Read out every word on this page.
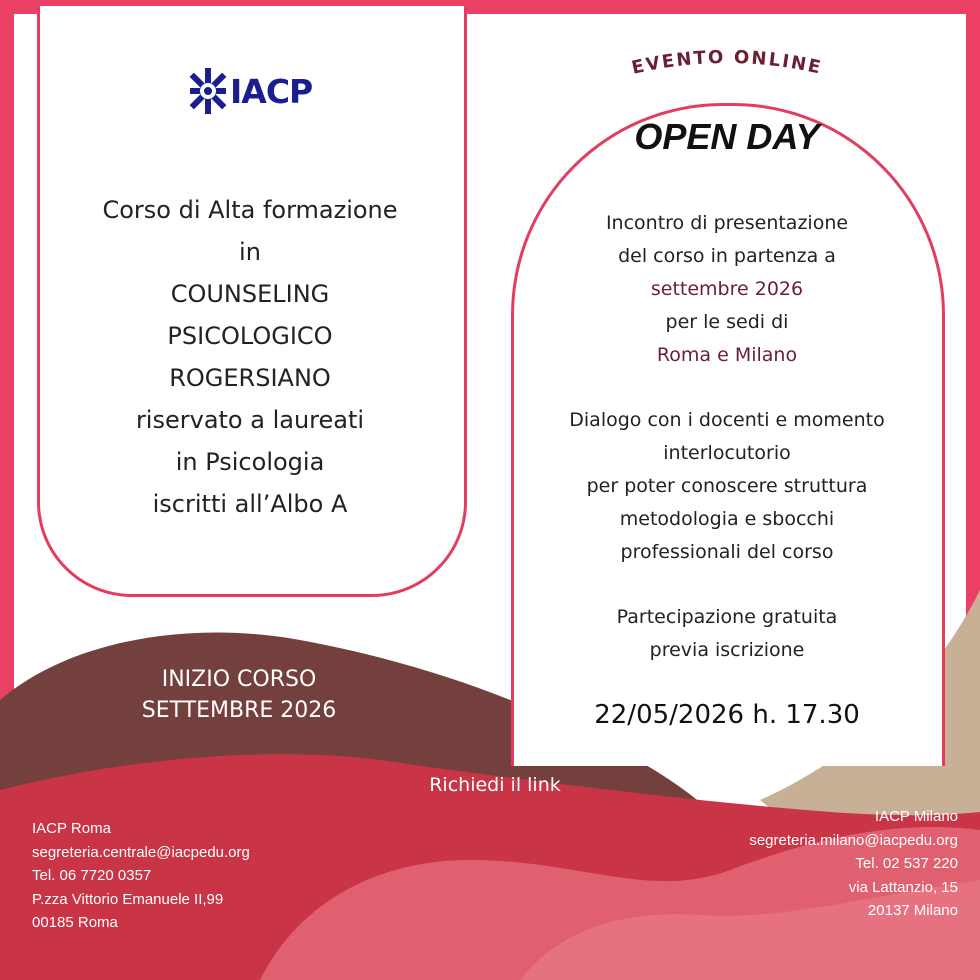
IACP
Corso di Alta formazione
in
COUNSELING
PSICOLOGICO
ROGERSIANO
riservato a laureati
in Psicologia
iscritti all’Albo A
INIZIO CORSO
SETTEMBRE 2026
EVENTO ONLINE
OPEN DAY
Incontro di presentazione
del corso in partenza a
settembre 2026
per le sedi di
Roma e Milano
Dialogo con i docenti e momento
interlocutorio
per poter conoscere struttura
metodologia e sbocchi
professionali del corso
Partecipazione gratuita
previa iscrizione
22/05/2026 h. 17.30
Richiedi il link
IACP Roma
segreteria.centrale@iacpedu.org
Tel. 06 7720 0357
P.zza Vittorio Emanuele II,99
00185 Roma
IACP Milano
segreteria.milano@iacpedu.org
Tel. 02 537 220
via Lattanzio, 15
20137 Milano
